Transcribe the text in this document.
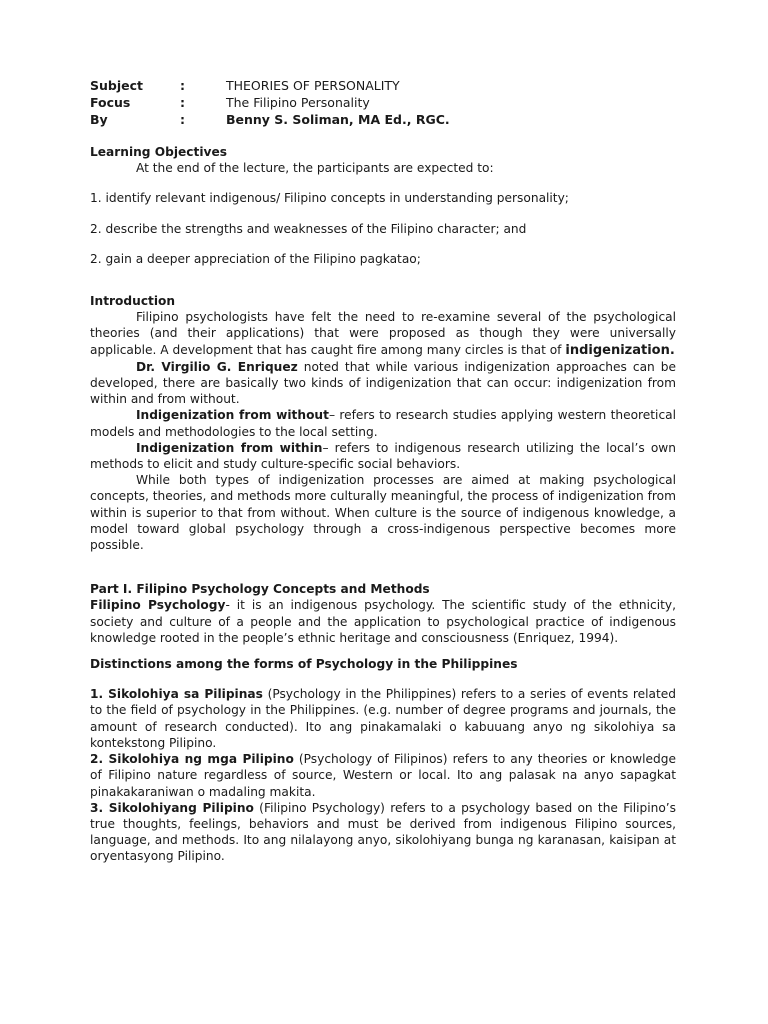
Subject	:	THEORIES OF PERSONALITY
Focus	:	The Filipino Personality
By	:	Benny S. Soliman, MA Ed., RGC.
Learning Objectives
At the end of the lecture, the participants are expected to:
1. identify relevant indigenous/ Filipino concepts in understanding personality;
2. describe the strengths and weaknesses of the Filipino character; and
2. gain a deeper appreciation of the Filipino pagkatao;
Introduction

Filipino psychologists have felt the need to re-examine several of the psychological theories (and their applications) that were proposed as though they were universally applicable. A development that has caught fire among many circles is that of indigenization.

Dr. Virgilio G. Enriquez noted that while various indigenization approaches can be developed, there are basically two kinds of indigenization that can occur: indigenization from within and from without.

Indigenization from without– refers to research studies applying western theoretical models and methodologies to the local setting.

Indigenization from within– refers to indigenous research utilizing the local’s own methods to elicit and study culture-specific social behaviors.

While both types of indigenization processes are aimed at making psychological concepts, theories, and methods more culturally meaningful, the process of indigenization from within is superior to that from without. When culture is the source of indigenous knowledge, a model toward global psychology through a cross-indigenous perspective becomes more possible.

Part I. Filipino Psychology Concepts and Methods

Filipino Psychology- it is an indigenous psychology. The scientific study of the ethnicity, society and culture of a people and the application to psychological practice of indigenous knowledge rooted in the people’s ethnic heritage and consciousness (Enriquez, 1994).

Distinctions among the forms of Psychology in the Philippines

1. Sikolohiya sa Pilipinas (Psychology in the Philippines) refers to a series of events related to the field of psychology in the Philippines. (e.g. number of degree programs and journals, the amount of research conducted). Ito ang pinakamalaki o kabuuang anyo ng sikolohiya sa kontekstong Pilipino.

2. Sikolohiya ng mga Pilipino (Psychology of Filipinos) refers to any theories or knowledge of Filipino nature regardless of source, Western or local. Ito ang palasak na anyo sapagkat pinakakaraniwan o madaling makita.

3. Sikolohiyang Pilipino (Filipino Psychology) refers to a psychology based on the Filipino’s true thoughts, feelings, behaviors and must be derived from indigenous Filipino sources, language, and methods. Ito ang nilalayong anyo, sikolohiyang bunga ng karanasan, kaisipan at oryentasyong Pilipino.
